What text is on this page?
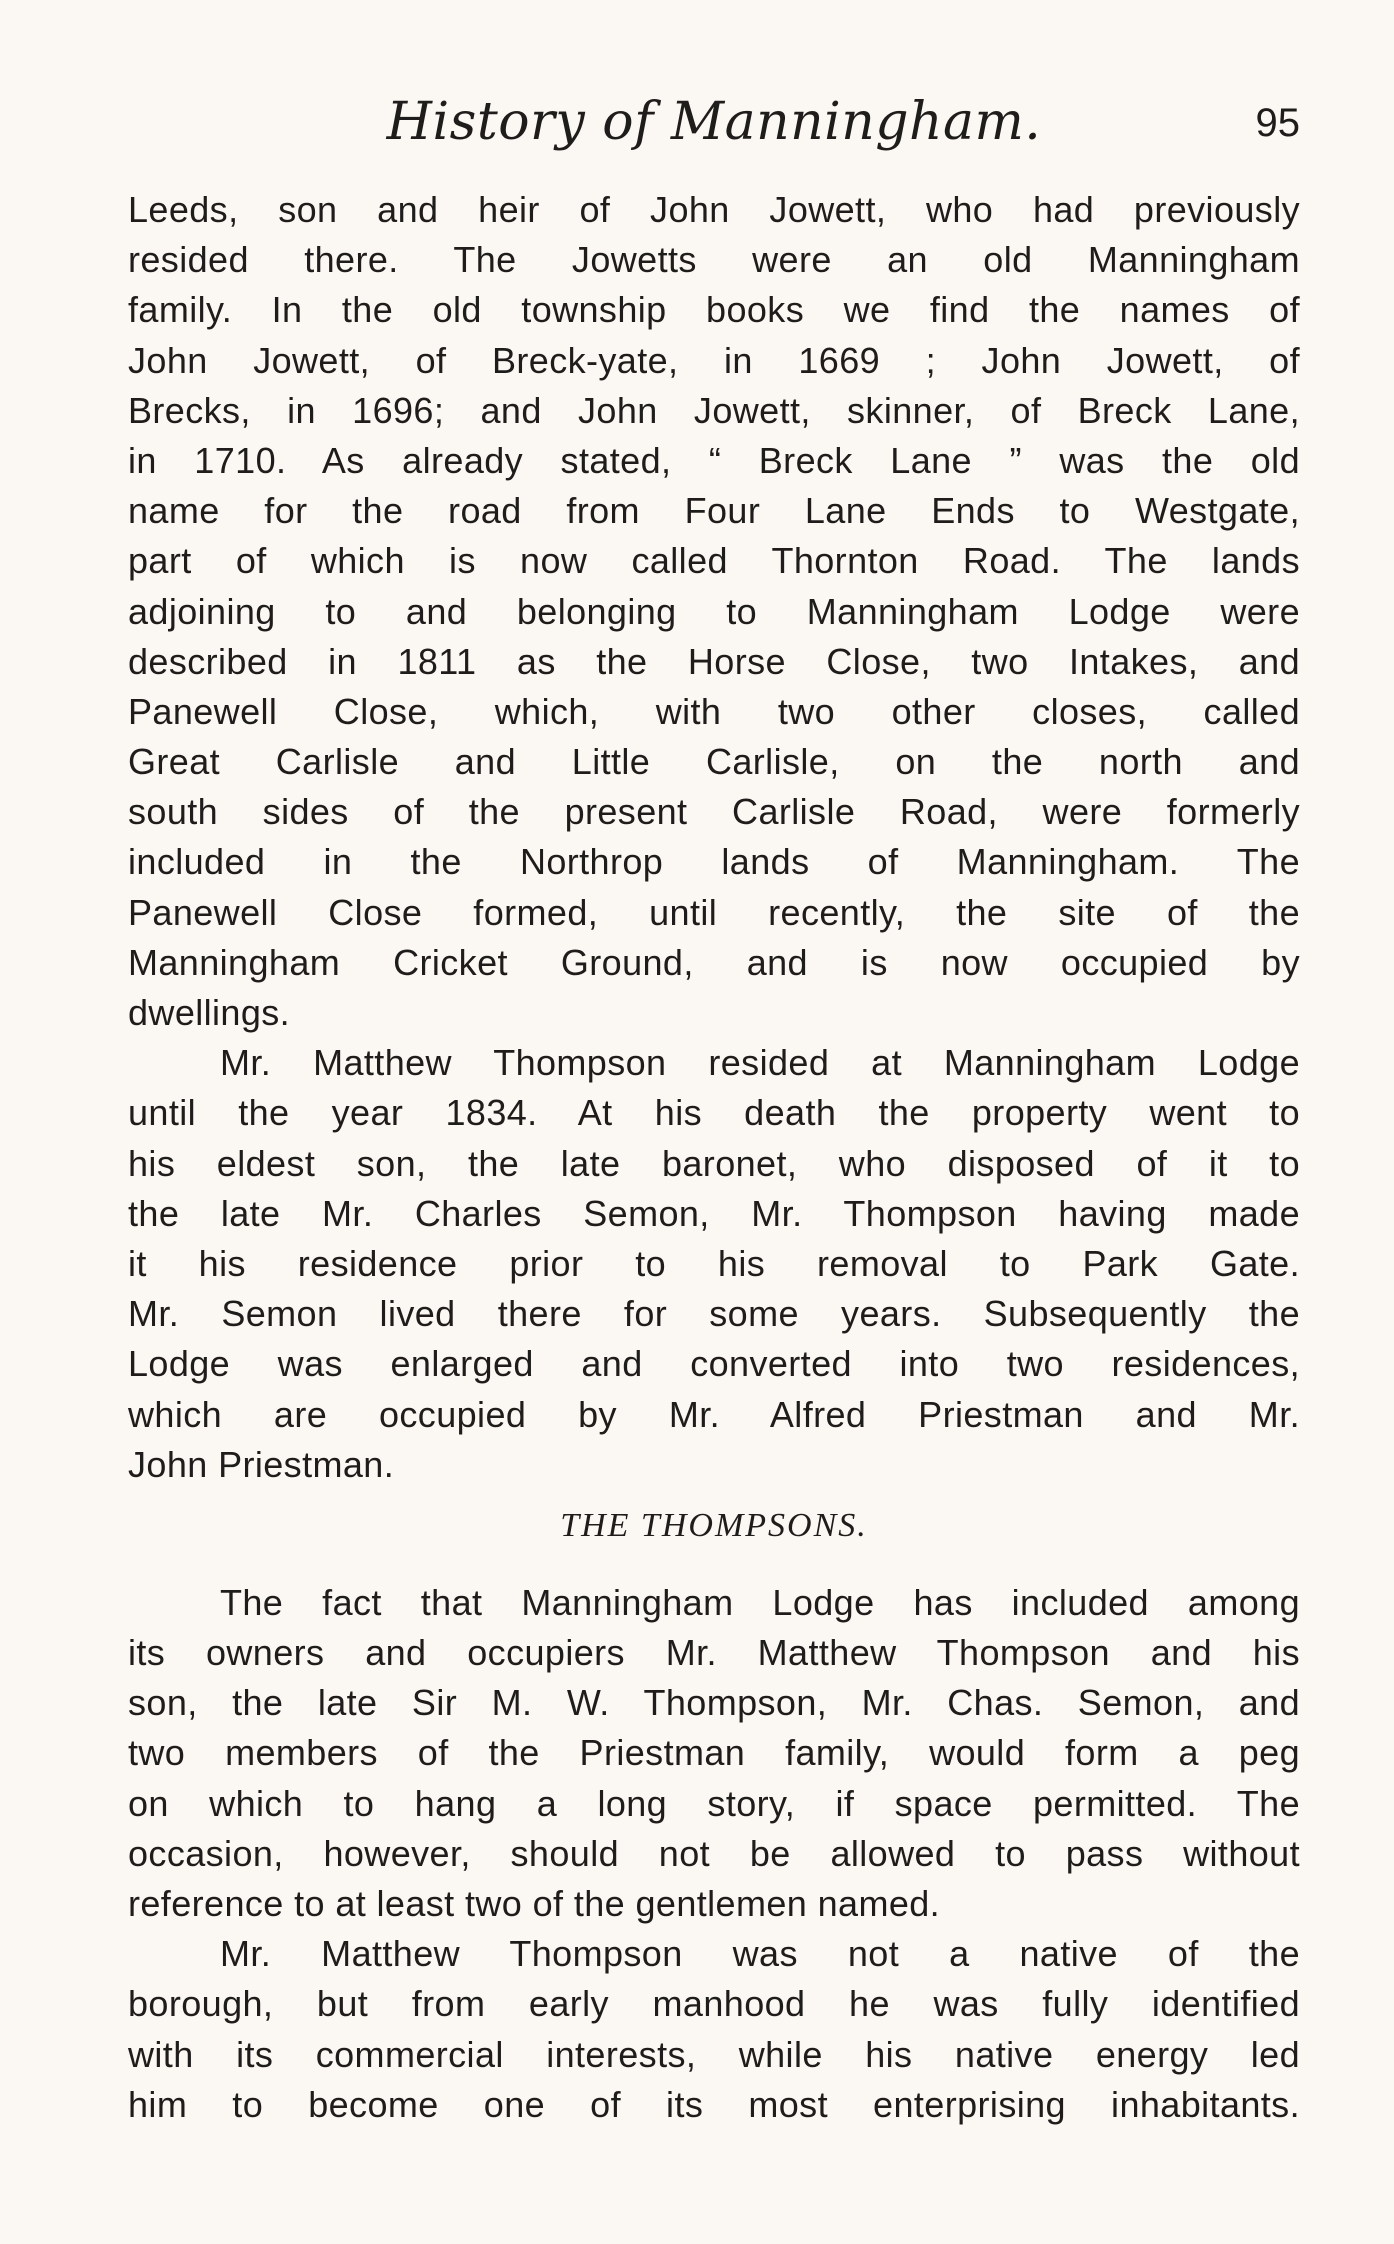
History of Manningham.	95
Leeds, son and heir of John Jowett, who had previously
resided there. The Jowetts were an old Manningham
family. In the old township books we find the names of
John Jowett, of Breck-yate, in 1669 ; John Jowett, of
Brecks, in 1696; and John Jowett, skinner, of Breck Lane,
in 1710. As already stated, “ Breck Lane ” was the old
name for the road from Four Lane Ends to Westgate,
part of which is now called Thornton Road. The lands
adjoining to and belonging to Manningham Lodge were
described in 1811 as the Horse Close, two Intakes, and
Panewell Close, which, with two other closes, called
Great Carlisle and Little Carlisle, on the north and
south sides of the present Carlisle Road, were formerly
included in the Northrop lands of Manningham. The
Panewell Close formed, until recently, the site of the
Manningham Cricket Ground, and is now occupied by
dwellings.
Mr. Matthew Thompson resided at Manningham Lodge
until the year 1834. At his death the property went to
his eldest son, the late baronet, who disposed of it to
the late Mr. Charles Semon, Mr. Thompson having made
it his residence prior to his removal to Park Gate.
Mr. Semon lived there for some years. Subsequently the
Lodge was enlarged and converted into two residences,
which are occupied by Mr. Alfred Priestman and Mr.
John Priestman.
THE THOMPSONS.
The fact that Manningham Lodge has included among
its owners and occupiers Mr. Matthew Thompson and his
son, the late Sir M. W. Thompson, Mr. Chas. Semon, and
two members of the Priestman family, would form a peg
on which to hang a long story, if space permitted. The
occasion, however, should not be allowed to pass without
reference to at least two of the gentlemen named.
Mr. Matthew Thompson was not a native of the
borough, but from early manhood he was fully identified
with its commercial interests, while his native energy led
him to become one of its most enterprising inhabitants.
